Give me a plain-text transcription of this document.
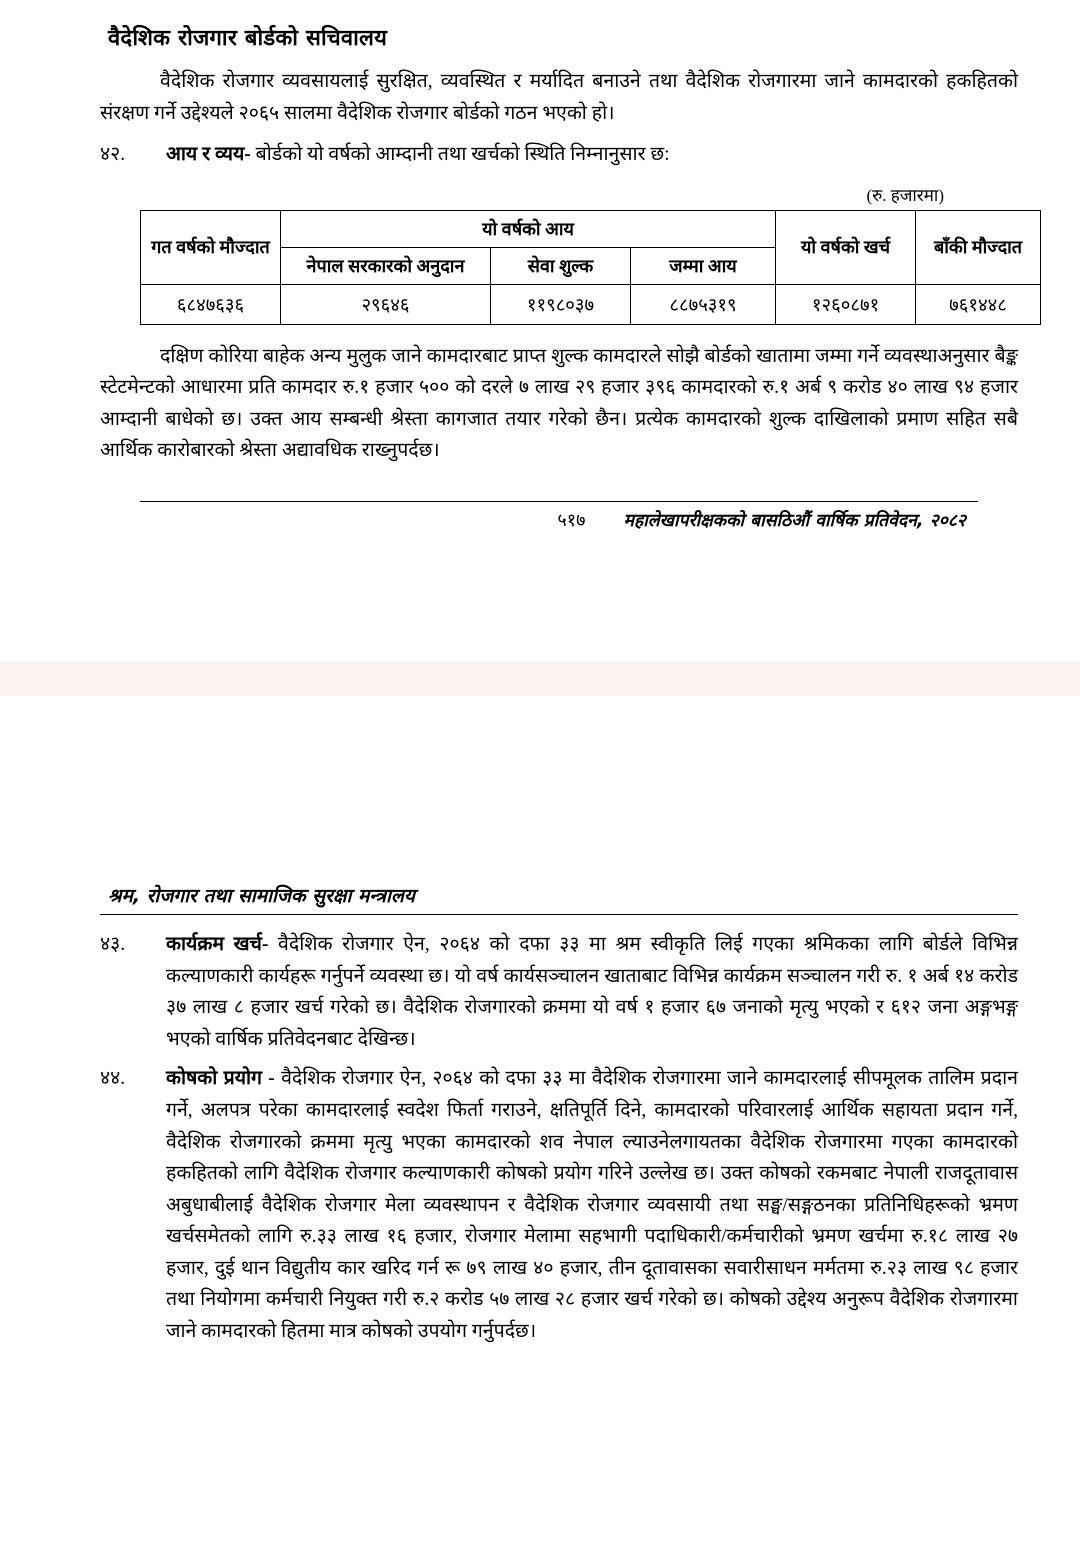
वैदेशिक रोजगार बोर्डको सचिवालय

वैदेशिक रोजगार व्यवसायलाई सुरक्षित, व्यवस्थित र मर्यादित बनाउने तथा वैदेशिक रोजगारमा जाने कामदारको हकहितको संरक्षण गर्ने उद्देश्यले २०६५ सालमा वैदेशिक रोजगार बोर्डको गठन भएको हो।

४२.	आय र व्यय- बोर्डको यो वर्षको आम्दानी तथा खर्चको स्थिति निम्नानुसार छ:
(रु. हजारमा)
गत वर्षको मौज्दात	यो वर्षको आय			यो वर्षको खर्च	बाँकी मौज्दात
	नेपाल सरकारको अनुदान	सेवा शुल्क	जम्मा आय		
६८४७६३६	२९६४६	११९८०३७	८८७५३१९	१२६०८७१	७६१४४८

दक्षिण कोरिया बाहेक अन्य मुलुक जाने कामदारबाट प्राप्त शुल्क कामदारले सोझै बोर्डको खातामा जम्मा गर्ने व्यवस्थाअनुसार बैङ्क स्टेटमेन्टको आधारमा प्रति कामदार रु.१ हजार ५०० को दरले ७ लाख २९ हजार ३९६ कामदारको रु.१ अर्ब ९ करोड ४० लाख ९४ हजार आम्दानी बाधेको छ। उक्त आय सम्बन्धी श्रेस्ता कागजात तयार गरेको छैन। प्रत्येक कामदारको शुल्क दाखिलाको प्रमाण सहित सबै आर्थिक कारोबारको श्रेस्ता अद्यावधिक राख्नुपर्दछ।

५१७ महालेखापरीक्षकको बासठिऔं वार्षिक प्रतिवेदन, २०८२
श्रम, रोजगार तथा सामाजिक सुरक्षा मन्त्रालय
४३.	कार्यक्रम खर्च- वैदेशिक रोजगार ऐन, २०६४ को दफा ३३ मा श्रम स्वीकृति लिई गएका श्रमिकका लागि बोर्डले विभिन्न कल्याणकारी कार्यहरू गर्नुपर्ने व्यवस्था छ। यो वर्ष कार्यसञ्चालन खाताबाट विभिन्न कार्यक्रम सञ्चालन गरी रु. १ अर्ब १४ करोड ३७ लाख ८ हजार खर्च गरेको छ। वैदेशिक रोजगारको क्रममा यो वर्ष १ हजार ६७ जनाको मृत्यु भएको र ६१२ जना अङ्गभङ्ग भएको वार्षिक प्रतिवेदनबाट देखिन्छ।
४४.	कोषको प्रयोग - वैदेशिक रोजगार ऐन, २०६४ को दफा ३३ मा वैदेशिक रोजगारमा जाने कामदारलाई सीपमूलक तालिम प्रदान गर्ने, अलपत्र परेका कामदारलाई स्वदेश फिर्ता गराउने, क्षतिपूर्ति दिने, कामदारको परिवारलाई आर्थिक सहायता प्रदान गर्ने, वैदेशिक रोजगारको क्रममा मृत्यु भएका कामदारको शव नेपाल ल्याउनेलगायतका वैदेशिक रोजगारमा गएका कामदारको हकहितको लागि वैदेशिक रोजगार कल्याणकारी कोषको प्रयोग गरिने उल्लेख छ। उक्त कोषको रकमबाट नेपाली राजदूतावास अबुधाबीलाई वैदेशिक रोजगार मेला व्यवस्थापन र वैदेशिक रोजगार व्यवसायी तथा सङ्घ/सङ्गठनका प्रतिनिधिहरूको भ्रमण खर्चसमेतको लागि रु.३३ लाख १६ हजार, रोजगार मेलामा सहभागी पदाधिकारी/कर्मचारीको भ्रमण खर्चमा रु.१८ लाख २७ हजार, दुई थान विद्युतीय कार खरिद गर्न रू ७९ लाख ४० हजार, तीन दूतावासका सवारीसाधन मर्मतमा रु.२३ लाख ९८ हजार तथा नियोगमा कर्मचारी नियुक्त गरी रु.२ करोड ५७ लाख २८ हजार खर्च गरेको छ। कोषको उद्देश्य अनुरूप वैदेशिक रोजगारमा जाने कामदारको हितमा मात्र कोषको उपयोग गर्नुपर्दछ।
